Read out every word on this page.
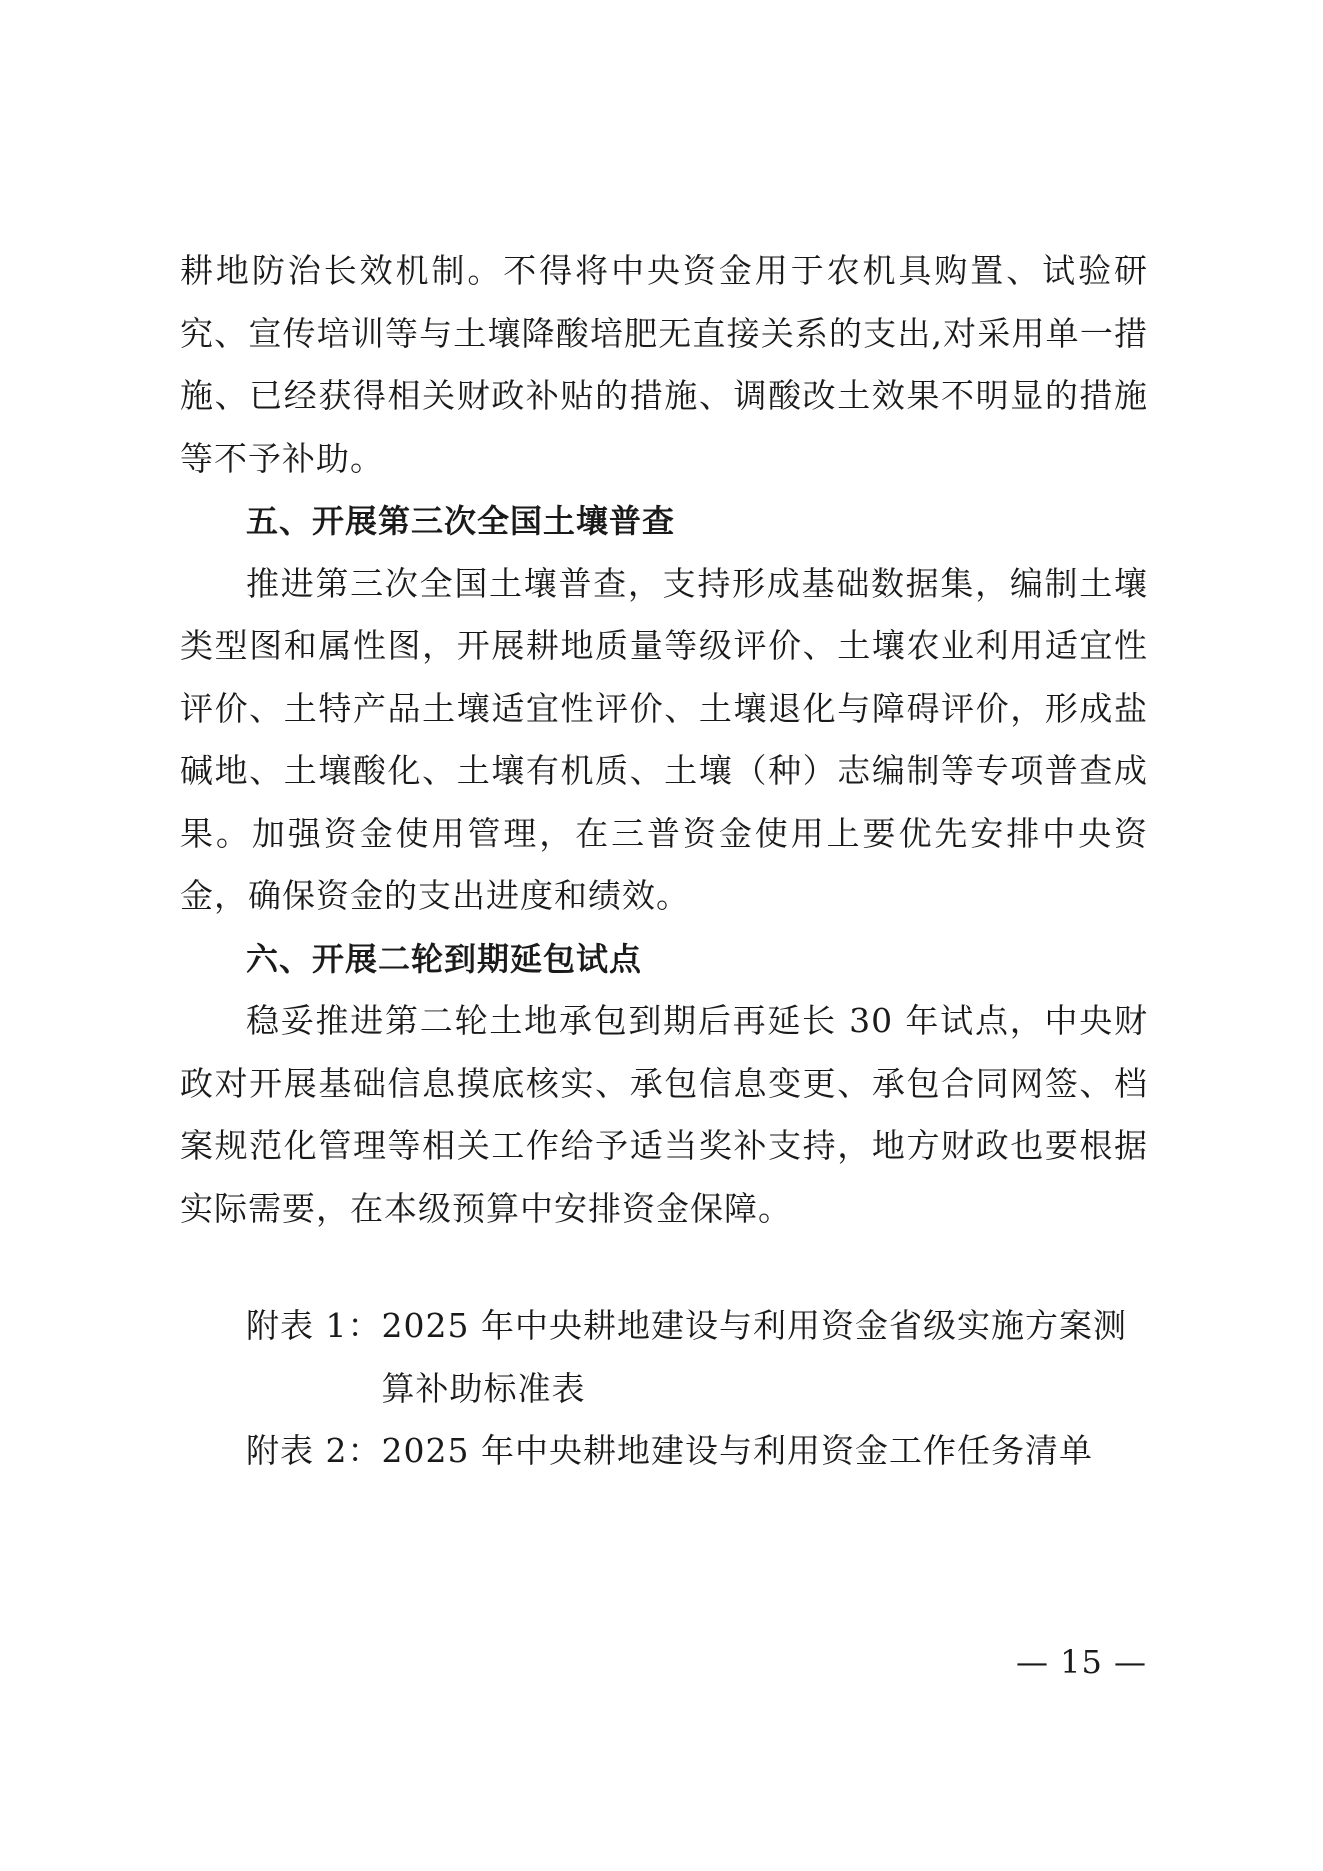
耕地防治长效机制。不得将中央资金用于农机具购置、试验研究、宣传培训等与土壤降酸培肥无直接关系的支出,对采用单一措施、已经获得相关财政补贴的措施、调酸改土效果不明显的措施等不予补助。

五、开展第三次全国土壤普查

推进第三次全国土壤普查，支持形成基础数据集，编制土壤类型图和属性图，开展耕地质量等级评价、土壤农业利用适宜性评价、土特产品土壤适宜性评价、土壤退化与障碍评价，形成盐碱地、土壤酸化、土壤有机质、土壤（种）志编制等专项普查成果。加强资金使用管理，在三普资金使用上要优先安排中央资金，确保资金的支出进度和绩效。

六、开展二轮到期延包试点

稳妥推进第二轮土地承包到期后再延长 30 年试点，中央财政对开展基础信息摸底核实、承包信息变更、承包合同网签、档案规范化管理等相关工作给予适当奖补支持，地方财政也要根据实际需要，在本级预算中安排资金保障。

附表 1： 2025 年中央耕地建设与利用资金省级实施方案测算补助标准表
附表 2： 2025 年中央耕地建设与利用资金工作任务清单
— 15 —
